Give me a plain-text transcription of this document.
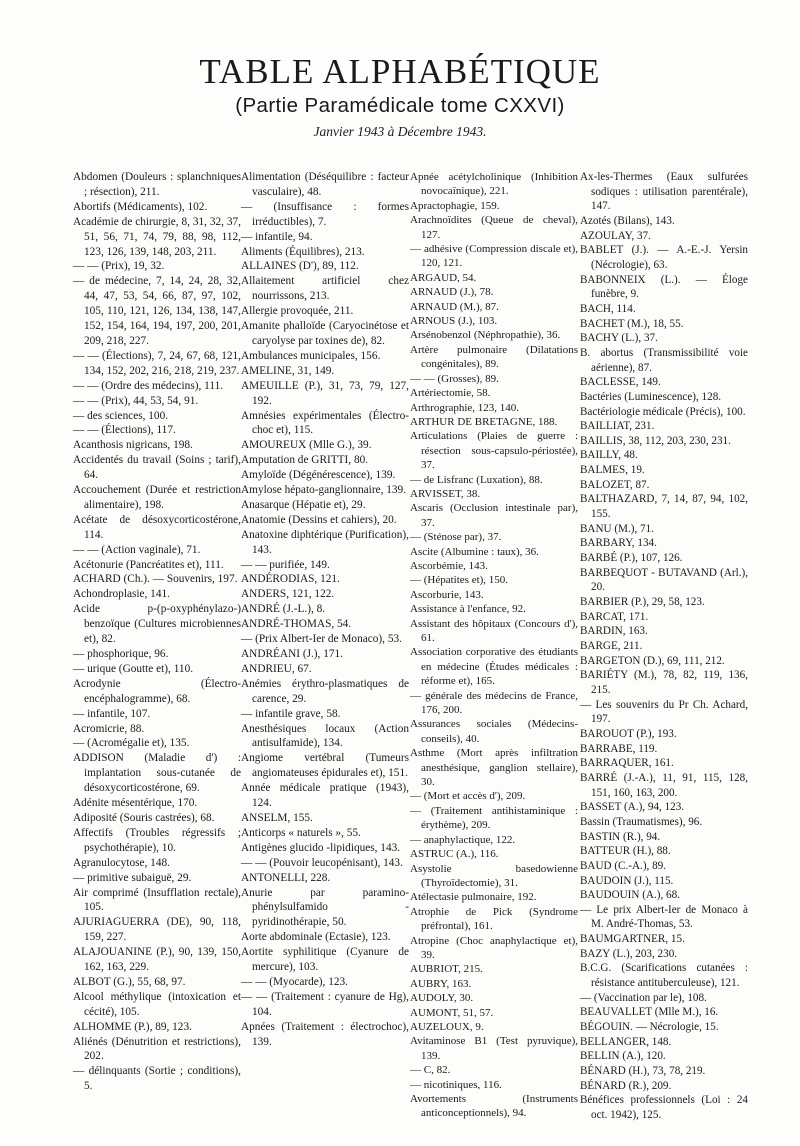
TABLE ALPHABÉTIQUE
(Partie Paramédicale tome CXXVI)
Janvier 1943 à Décembre 1943.

Abdomen (Douleurs : splanchniques ; résection), 211.

Abortifs (Médicaments), 102.

Académie de chirurgie, 8, 31, 32, 37, 51, 56, 71, 74, 79, 88, 98, 112, 123, 126, 139, 148, 203, 211.

— — (Prix), 19, 32.

— de médecine, 7, 14, 24, 28, 32, 44, 47, 53, 54, 66, 87, 97, 102, 105, 110, 121, 126, 134, 138, 147, 152, 154, 164, 194, 197, 200, 201, 209, 218, 227.

— — (Élections), 7, 24, 67, 68, 121, 134, 152, 202, 216, 218, 219, 237.

— — (Ordre des médecins), 111.

— — (Prix), 44, 53, 54, 91.

— des sciences, 100.

— — (Élections), 117.

Acanthosis nigricans, 198.

Accidentés du travail (Soins ; tarif), 64.

Accouchement (Durée et restriction alimentaire), 198.

Acétate de désoxycorticostérone, 114.

— — (Action vaginale), 71.

Acétonurie (Pancréatites et), 111.

ACHARD (Ch.). — Souvenirs, 197.

Achondroplasie, 141.

Acide p-(p-oxyphénylazo-) benzoïque (Cultures microbiennes et), 82.

— phosphorique, 96.

— urique (Goutte et), 110.

Acrodynie (Électro-encéphalogramme), 68.

— infantile, 107.

Acromicrie, 88.

— (Acromégalie et), 135.

ADDISON (Maladie d') : implantation sous-cutanée de désoxycorticostérone, 69.

Adénite mésentérique, 170.

Adiposité (Souris castrées), 68.

Affectifs (Troubles régressifs ; psychothérapie), 10.

Agranulocytose, 148.

— primitive subaiguë, 29.

Air comprimé (Insufflation rectale), 105.

AJURIAGUERRA (DE), 90, 118, 159, 227.

ALAJOUANINE (P.), 90, 139, 150, 162, 163, 229.

ALBOT (G.), 55, 68, 97.

Alcool méthylique (intoxication et cécité), 105.

ALHOMME (P.), 89, 123.

Aliénés (Dénutrition et restrictions), 202.

— délinquants (Sortie ; conditions), 5.

Alimentation (Déséquilibre : facteur vasculaire), 48.

— (Insuffisance : formes irréductibles), 7.

— infantile, 94.

Aliments (Équilibres), 213.

ALLAINES (D'), 89, 112.

Allaitement artificiel chez nourrissons, 213.

Allergie provoquée, 211.

Amanite phalloïde (Caryocinétose et caryolyse par toxines de), 82.

Ambulances municipales, 156.

AMELINE, 31, 149.

AMEUILLE (P.), 31, 73, 79, 127, 192.

Amnésies expérimentales (Électro-choc et), 115.

AMOUREUX (Mlle G.), 39.

Amputation de GRITTI, 80.

Amyloïde (Dégénérescence), 139.

Amylose hépato-ganglionnaire, 139.

Anasarque (Hépatie et), 29.

Anatomie (Dessins et cahiers), 20.

Anatoxine diphtérique (Purification), 143.

— — purifiée, 149.

ANDÉRODIAS, 121.

ANDERS, 121, 122.

ANDRÉ (J.-L.), 8.

ANDRÉ-THOMAS, 54.

— (Prix Albert-Ier de Monaco), 53.

ANDRÉANI (J.), 171.

ANDRIEU, 67.

Anémies érythro-plasmatiques de carence, 29.

— infantile grave, 58.

Anesthésiques locaux (Action antisulfamide), 134.

Angiome vertébral (Tumeurs angiomateuses épidurales et), 151.

Année médicale pratique (1943), 124.

ANSELM, 155.

Anticorps « naturels », 55.

Antigènes glucido -lipidiques, 143.

— — (Pouvoir leucopénisant), 143.

ANTONELLI, 228.

Anurie par paramino-phénylsulfamido - pyridinothérapie, 50.

Aorte abdominale (Ectasie), 123.

Aortite syphilitique (Cyanure de mercure), 103.

— — (Myocarde), 123.

— — (Traitement : cyanure de Hg), 104.

Apnées (Traitement : électrochoc), 139.

Apnée acétylcholinique (Inhibition novocaïnique), 221.

Apractophagie, 159.

Arachnoïdites (Queue de cheval), 127.

— adhésive (Compression discale et), 120, 121.

ARGAUD, 54.

ARNAUD (J.), 78.

ARNAUD (M.), 87.

ARNOUS (J.), 103.

Arsénobenzol (Néphropathie), 36.

Artère pulmonaire (Dilatations congénitales), 89.

— — (Grosses), 89.

Artériectomie, 58.

Arthrographie, 123, 140.

ARTHUR DE BRETAGNE, 188.

Articulations (Plaies de guerre : résection sous-capsulo-périostée), 37.

— de Lisfranc (Luxation), 88.

ARVISSET, 38.

Ascaris (Occlusion intestinale par), 37.

— (Sténose par), 37.

Ascite (Albumine : taux), 36.

Ascorbémie, 143.

— (Hépatites et), 150.

Ascorburie, 143.

Assistance à l'enfance, 92.

Assistant des hôpitaux (Concours d'), 61.

Association corporative des étudiants en médecine (Études médicales : réforme et), 165.

— générale des médecins de France, 176, 200.

Assurances sociales (Médecins-conseils), 40.

Asthme (Mort après infiltration anesthésique, ganglion stellaire), 30.

— (Mort et accès d'), 209.

— (Traitement antihistaminique : érythème), 209.

— anaphylactique, 122.

ASTRUC (A.), 116.

Asystolie basedowienne (Thyroïdectomie), 31.

Atélectasie pulmonaire, 192.

Atrophie de Pick (Syndrome préfrontal), 161.

Atropine (Choc anaphylactique et), 39.

AUBRIOT, 215.

AUBRY, 163.

AUDOLY, 30.

AUMONT, 51, 57.

AUZELOUX, 9.

Avitaminose B1 (Test pyruvique), 139.

— C, 82.

— nicotiniques, 116.

Avortements (Instruments anticonceptionnels), 94.

Ax-les-Thermes (Eaux sulfurées sodiques : utilisation parentérale), 147.

Azotés (Bilans), 143.

AZOULAY, 37.

BABLET (J.). — A.-E.-J. Yersin (Nécrologie), 63.

BABONNEIX (L.). — Éloge funèbre, 9.

BACH, 114.

BACHET (M.), 18, 55.

BACHY (L.), 37.

B. abortus (Transmissibilité voie aérienne), 87.

BACLESSE, 149.

Bactéries (Luminescence), 128.

Bactériologie médicale (Précis), 100.

BAILLIAT, 231.

BAILLIS, 38, 112, 203, 230, 231.

BAILLY, 48.

BALMES, 19.

BALOZET, 87.

BALTHAZARD, 7, 14, 87, 94, 102, 155.

BANU (M.), 71.

BARBARY, 134.

BARBÉ (P.), 107, 126.

BARBEQUOT - BUTAVAND (Arl.), 20.

BARBIER (P.), 29, 58, 123.

BARCAT, 171.

BARDIN, 163.

BARGE, 211.

BARGETON (D.), 69, 111, 212.

BARIÉTY (M.), 78, 82, 119, 136, 215.

— Les souvenirs du Pr Ch. Achard, 197.

BAROUOT (P.), 193.

BARRABE, 119.

BARRAQUER, 161.

BARRÉ (J.-A.), 11, 91, 115, 128, 151, 160, 163, 200.

BASSET (A.), 94, 123.

Bassin (Traumatismes), 96.

BASTIN (R.), 94.

BATTEUR (H.), 88.

BAUD (C.-A.), 89.

BAUDOIN (J.), 115.

BAUDOUIN (A.), 68.

— Le prix Albert-Ier de Monaco à M. André-Thomas, 53.

BAUMGARTNER, 15.

BAZY (L.), 203, 230.

B.C.G. (Scarifications cutanées : résistance antituberculeuse), 121.

— (Vaccination par le), 108.

BEAUVALLET (Mlle M.), 16.

BÉGOUIN. — Nécrologie, 15.

BELLANGER, 148.

BELLIN (A.), 120.

BÉNARD (H.), 73, 78, 219.

BÉNARD (R.), 209.

Bénéfices professionnels (Loi : 24 oct. 1942), 125.
